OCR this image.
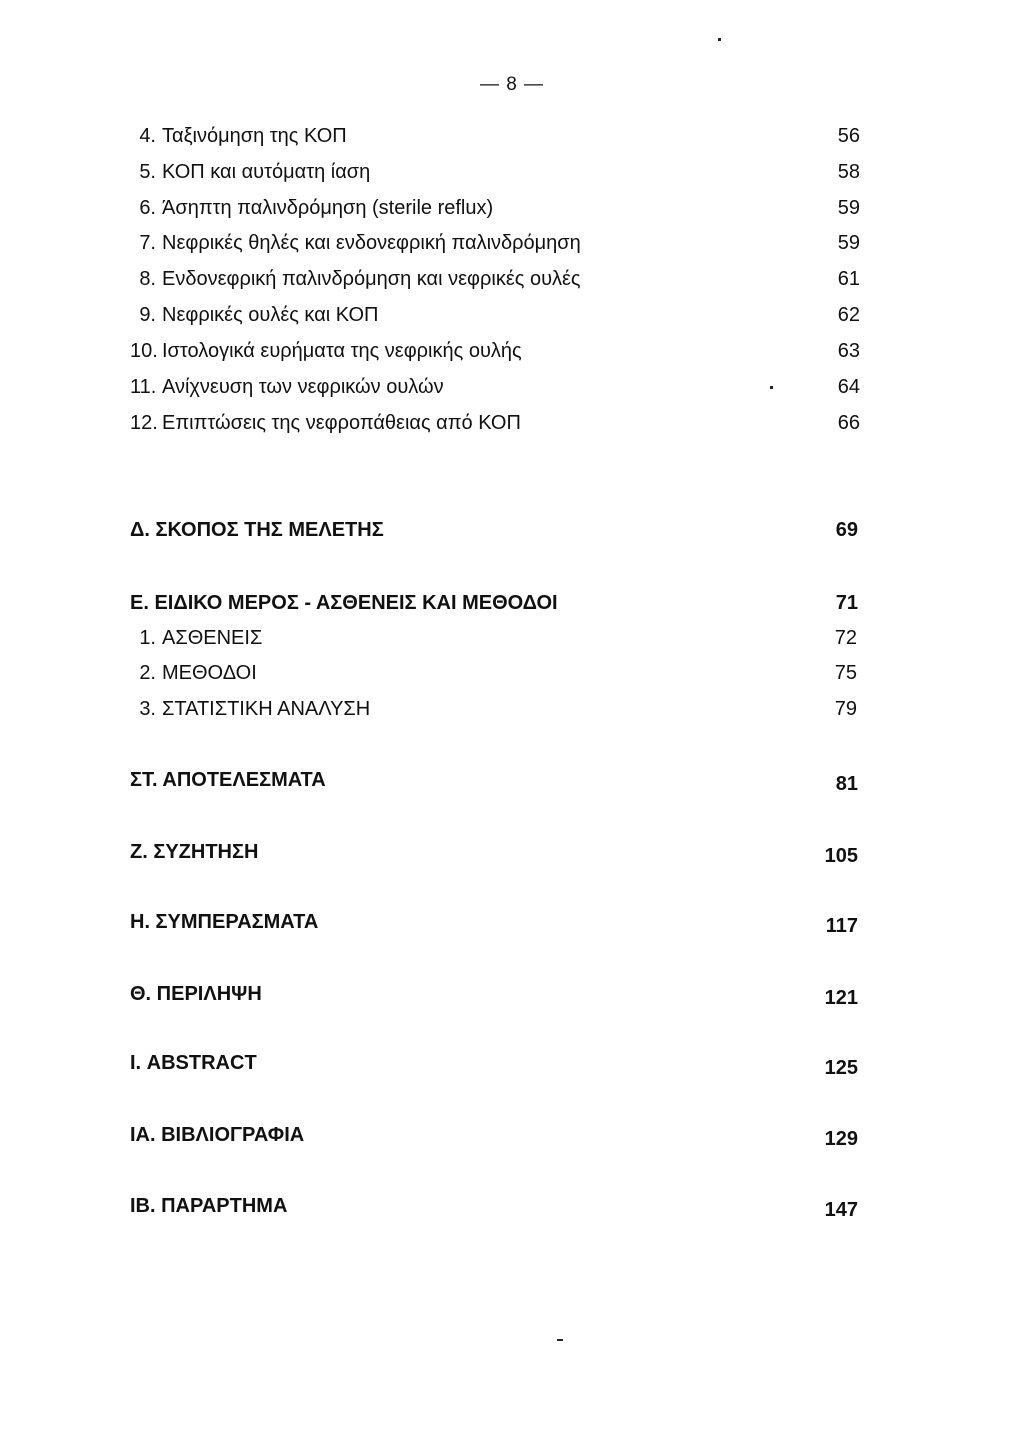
— 8 —
4. Ταξινόμηση της ΚΟΠ	56
5. ΚΟΠ και αυτόματη ίαση	58
6. Άσηπτη παλινδρόμηση (sterile reflux)	59
7. Νεφρικές θηλές και ενδονεφρική παλινδρόμηση	59
8. Ενδονεφρική παλινδρόμηση και νεφρικές ουλές	61
9. Νεφρικές ουλές και ΚΟΠ	62
10. Ιστολογικά ευρήματα της νεφρικής ουλής	63
11. Ανίχνευση των νεφρικών ουλών	64
12. Επιπτώσεις της νεφροπάθειας από ΚΟΠ	66
Δ. ΣΚΟΠΟΣ ΤΗΣ ΜΕΛΕΤΗΣ	69
Ε. ΕΙΔΙΚΟ ΜΕΡΟΣ - ΑΣΘΕΝΕΙΣ ΚΑΙ ΜΕΘΟΔΟΙ	71
1. ΑΣΘΕΝΕΙΣ	72
2. ΜΕΘΟΔΟΙ	75
3. ΣΤΑΤΙΣΤΙΚΗ ΑΝΑΛΥΣΗ	79
ΣΤ. ΑΠΟΤΕΛΕΣΜΑΤΑ	81
Ζ. ΣΥΖΗΤΗΣΗ	105
Η. ΣΥΜΠΕΡΑΣΜΑΤΑ	117
Θ. ΠΕΡΙΛΗΨΗ	121
Ι. ABSTRACT	125
ΙΑ. ΒΙΒΛΙΟΓΡΑΦΙΑ	129
ΙΒ. ΠΑΡΑΡΤΗΜΑ	147
